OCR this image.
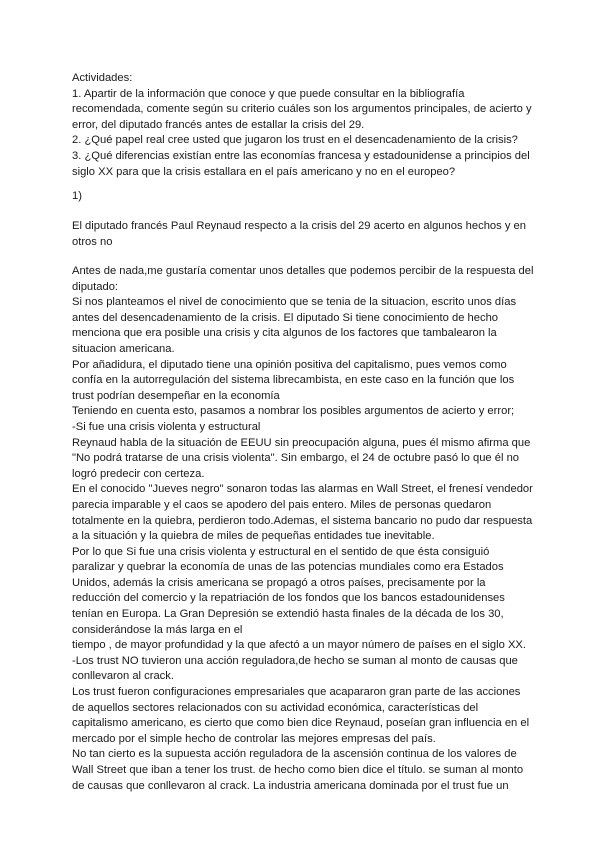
Actividades:

1. Apartir de la información que conoce y que puede consultar en la bibliografía recomendada, comente según su criterio cuáles son los argumentos principales, de acierto y error, del diputado francés antes de estallar la crisis del 29.

2. ¿Qué papel real cree usted que jugaron los trust en el desencadenamiento de la crisis?

3. ¿Qué diferencias existían entre las economías francesa y estadounidense a principios del siglo XX para que la crisis estallara en el país americano y no en el europeo?

1)

El diputado francés Paul Reynaud respecto a la crisis del 29 acerto en algunos hechos y en otros no

Antes de nada,me gustaría comentar unos detalles que podemos percibir de la respuesta del diputado:

Si nos planteamos el nivel de conocimiento que se tenia de la situacion, escrito unos días antes del desencadenamiento de la crisis. El diputado Si tiene conocimiento de hecho menciona que era posible una crisis y cita algunos de los factores que tambalearon la situacion americana.

Por añadidura, el diputado tiene una opinión positiva del capitalismo, pues vemos como confía en la autorregulación del sistema librecambista, en este caso en la función que los trust podrían desempeñar en la economía

Teniendo en cuenta esto, pasamos a nombrar los posibles argumentos de acierto y error;

-Si fue una crisis violenta y estructural

Reynaud habla de la situación de EEUU sin preocupación alguna, pues él mismo afirma que "No podrá tratarse de una crisis violenta". Sin embargo, el 24 de octubre pasó lo que él no logró predecir con certeza.

En el conocido "Jueves negro" sonaron todas las alarmas en Wall Street, el frenesí vendedor parecia imparable y el caos se apodero del pais entero. Miles de personas quedaron totalmente en la quiebra, perdieron todo.Ademas, el sistema bancario no pudo dar respuesta a la situación y la quiebra de miles de pequeñas entidades tue inevitable.

Por lo que Si fue una crisis violenta y estructural en el sentido de que ésta consiguió paralizar y quebrar la economía de unas de las potencias mundiales como era Estados Unidos, además la crisis americana se propagó a otros países, precisamente por la reducción del comercio y la repatriación de los fondos que los bancos estadounidenses tenían en Europa. La Gran Depresión se extendió hasta finales de la década de los 30, considerándose la más larga en el

tiempo , de mayor profundidad y la que afectó a un mayor número de países en el siglo XX.

-Los trust NO tuvieron una acción reguladora,de hecho se suman al monto de causas que conllevaron al crack.

Los trust fueron configuraciones empresariales que acapararon gran parte de las acciones de aquellos sectores relacionados con su actividad económica, características del capitalismo americano, es cierto que como bien dice Reynaud, poseían gran influencia en el mercado por el simple hecho de controlar las mejores empresas del país.

No tan cierto es la supuesta acción reguladora de la ascensión continua de los valores de Wall Street que iban a tener los trust. de hecho como bien dice el título. se suman al monto de causas que conllevaron al crack. La industria americana dominada por el trust fue un
